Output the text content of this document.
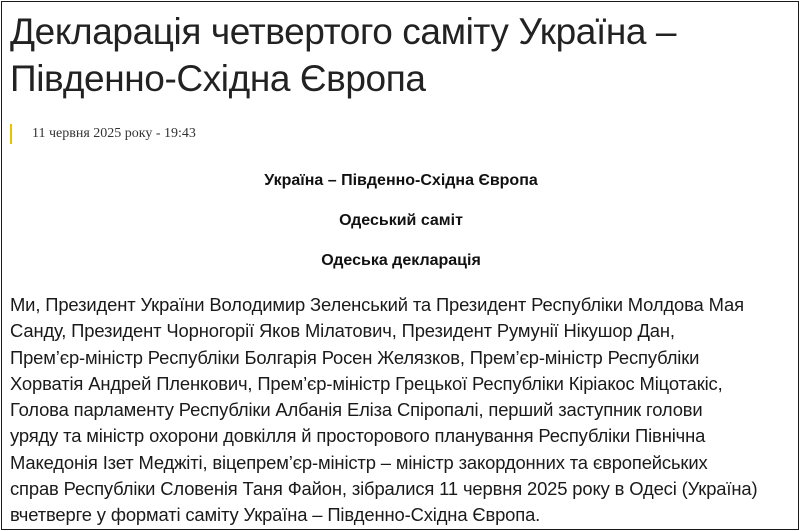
Декларація четвертого саміту Україна – Південно-Східна Європа
11 червня 2025 року - 19:43

Україна – Південно-Східна Європа

Одеський саміт

Одеська декларація

Ми, Президент України Володимир Зеленський та Президент Республіки Молдова Мая
Санду, Президент Чорногорії Яков Мілатович, Президент Румунії Нікушор Дан,
Прем’єр-міністр Республіки Болгарія Росен Желязков, Прем’єр-міністр Республіки
Хорватія Андрей Пленкович, Прем’єр-міністр Грецької Республіки Кіріакос Міцотакіс,
Голова парламенту Республіки Албанія Еліза Спіропалі, перший заступник голови
уряду та міністр охорони довкілля й просторового планування Республіки Північна
Македонія Ізет Меджіті, віцепрем’єр-міністр – міністр закордонних та європейських
справ Республіки Словенія Таня Файон, зібралися 11 червня 2025 року в Одесі (Україна)
вчетверге у форматі саміту Україна – Південно-Східна Європа.
